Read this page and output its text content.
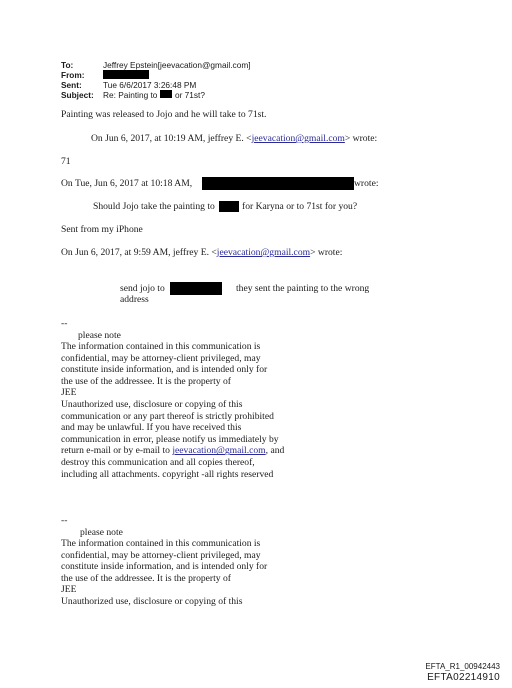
To:	Jeffrey Epstein[jeevacation@gmail.com]
From:
Sent:	Tue 6/6/2017 3:26:48 PM
Subject: Re: Painting to or 71st?
Painting was released to Jojo and he will take to 71st.
On Jun 6, 2017, at 10:19 AM, jeffrey E. <jeevacation@gmail.com> wrote:
71
On Tue, Jun 6, 2017 at 10:18 AM,	wrote:
Should Jojo take the painting to	for Karyna or to 71st for you?
Sent from my iPhone
On Jun 6, 2017, at 9:59 AM, jeffrey E. <jeevacation@gmail.com> wrote:
send jojo to	they sent the painting to the wrong
address
--
please note
The information contained in this communication is
confidential, may be attorney-client privileged, may
constitute inside information, and is intended only for
the use of the addressee. It is the property of
JEE
Unauthorized use, disclosure or copying of this
communication or any part thereof is strictly prohibited
and may be unlawful. If you have received this
communication in error, please notify us immediately by
return e-mail or by e-mail to jeevacation@gmail.com, and
destroy this communication and all copies thereof,
including all attachments. copyright -all rights reserved
--
please note
The information contained in this communication is
confidential, may be attorney-client privileged, may
constitute inside information, and is intended only for
the use of the addressee. It is the property of
JEE
Unauthorized use, disclosure or copying of this
EFTA_R1_00942443
EFTA02214910
